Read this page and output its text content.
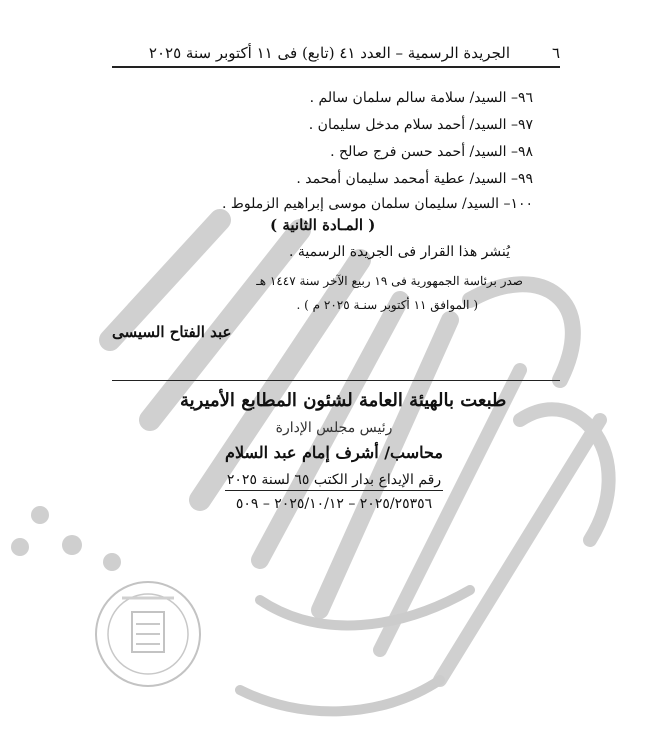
الجريدة الرسمية – العدد ٤١ (تابع) فى ١١ أكتوبر سنة ٢٠٢٥	٦
٩٦– السيد/ سلامة سالم سلمان سالم .
٩٧– السيد/ أحمد سلام مدخل سليمان .
٩٨– السيد/ أحمد حسن فرج صالح .
٩٩– السيد/ عطية أمحمد سليمان أمحمد .
١٠٠– السيد/ سليمان سلمان موسى إبراهيم الزملوط .
( المـادة الثانية )
يُنشر هذا القرار فى الجريدة الرسمية .
صدر برئاسة الجمهورية فى ١٩ ربيع الآخر سنة ١٤٤٧ هـ
( الموافق ١١ أكتوبر سنـة ٢٠٢٥ م ) .
عبد الفتاح السيسى
طبعت بالهيئة العامة لشئون المطابع الأميرية
رئيس مجلس الإدارة
محاسب/ أشرف إمام عبد السلام
رقم الإيداع بدار الكتب ٦٥ لسنة ٢٠٢٥
٢٠٢٥/٢٥٣٥٦ – ٢٠٢٥/١٠/١٢ – ٥٠٩
